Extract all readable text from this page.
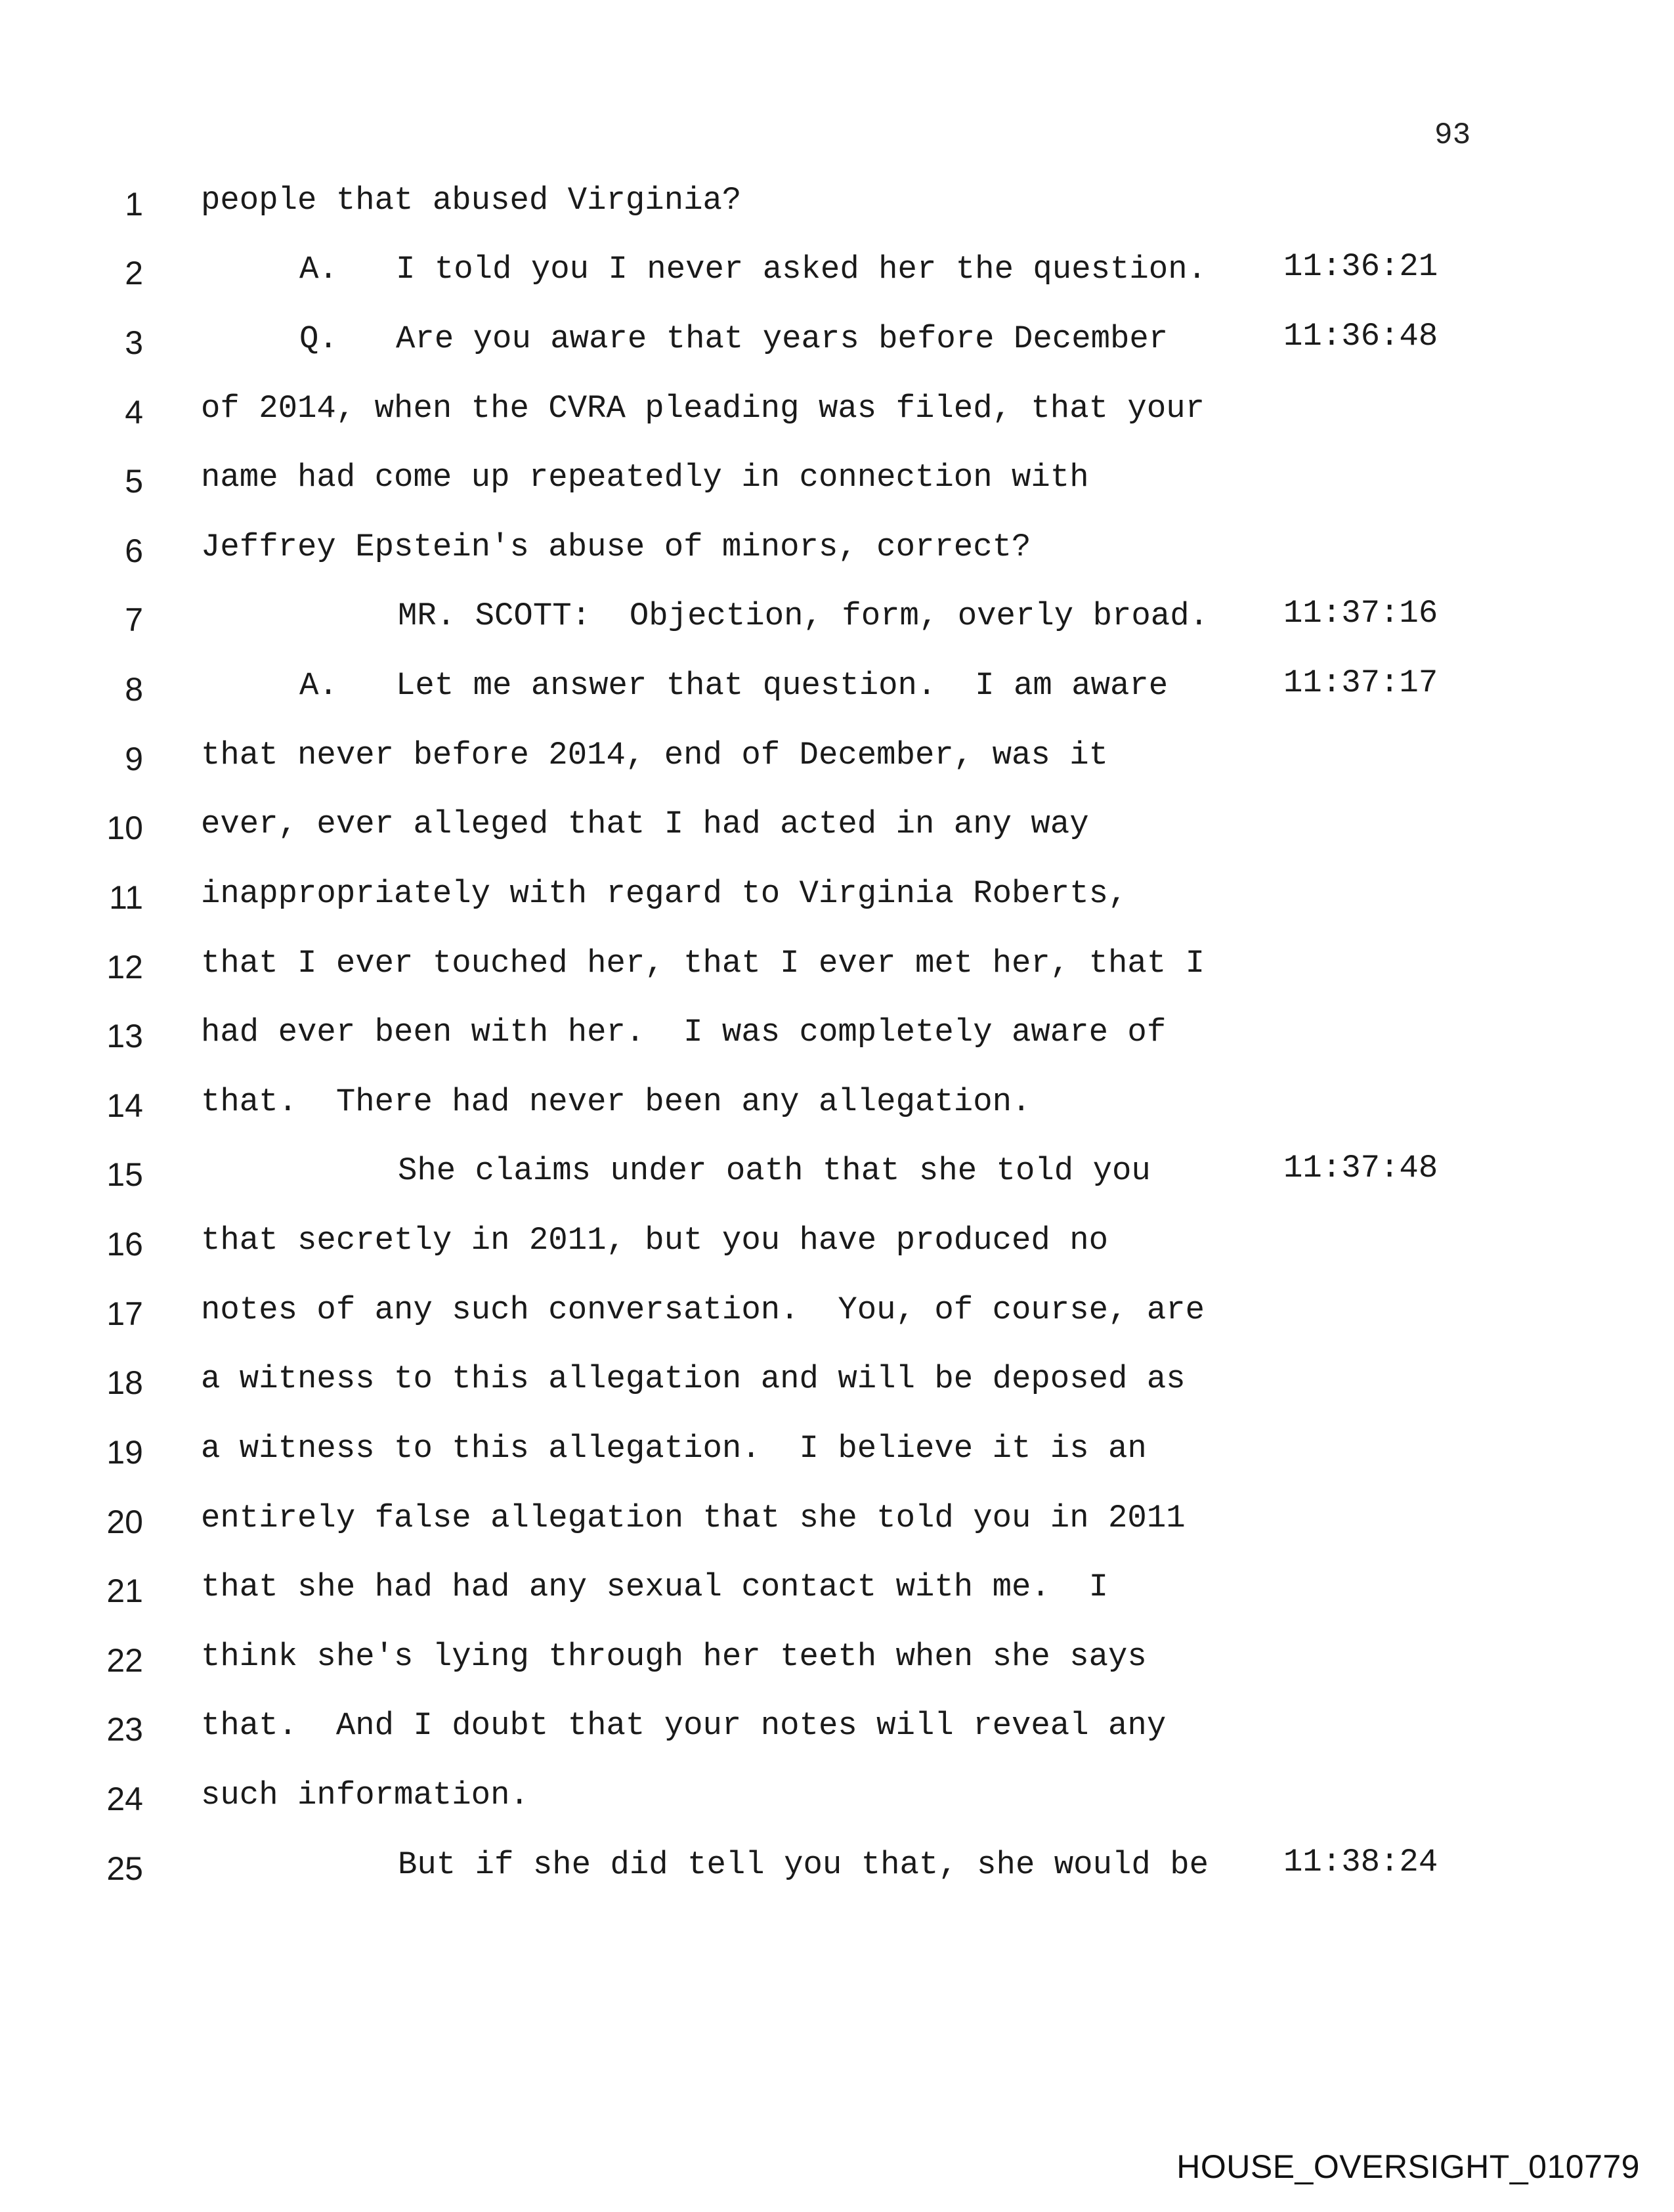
93
1 people that abused Virginia?
2	A.   I told you I never asked her the question. 11:36:21
3	Q.   Are you aware that years before December	11:36:48
4 of 2014, when the CVRA pleading was filed, that your
5 name had come up repeatedly in connection with
6 Jeffrey Epstein's abuse of minors, correct?
7	MR. SCOTT:  Objection, form, overly broad. 11:37:16
8	A.   Let me answer that question.  I am aware	11:37:17
9 that never before 2014, end of December, was it
10 ever, ever alleged that I had acted in any way
11 inappropriately with regard to Virginia Roberts,
12 that I ever touched her, that I ever met her, that I
13 had ever been with her.  I was completely aware of
14 that.  There had never been any allegation.
15	She claims under oath that she told you	11:37:48
16 that secretly in 2011, but you have produced no
17 notes of any such conversation.  You, of course, are
18 a witness to this allegation and will be deposed as
19 a witness to this allegation.  I believe it is an
20 entirely false allegation that she told you in 2011
21 that she had had any sexual contact with me.  I
22 think she's lying through her teeth when she says
23 that.  And I doubt that your notes will reveal any
24 such information.
25	But if she did tell you that, she would be 11:38:24
HOUSE_OVERSIGHT_010779
